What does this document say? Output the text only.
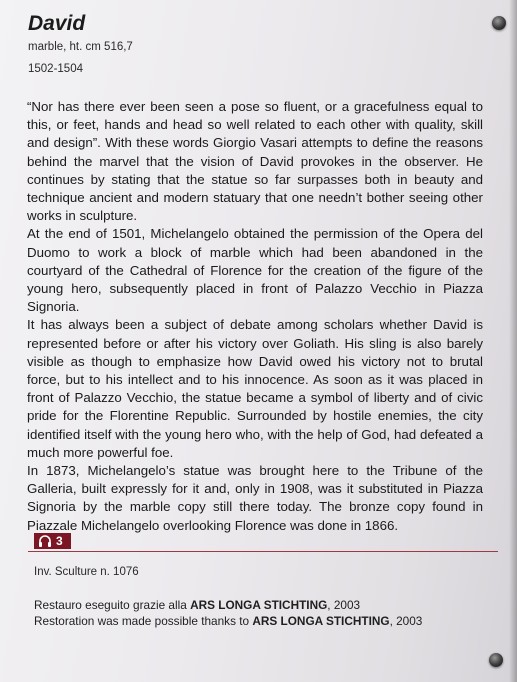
David

marble, ht. cm 516,7

1502-1504

“Nor has there ever been seen a pose so fluent, or a gracefulness equal to this, or feet, hands and head so well related to each other with quality, skill and design”. With these words Giorgio Vasari attempts to define the reasons behind the marvel that the vision of David provokes in the observer. He continues by stating that the statue so far surpasses both in beauty and technique ancient and modern statuary that one needn’t bother seeing other works in sculpture.

At the end of 1501, Michelangelo obtained the permission of the Opera del Duomo to work a block of marble which had been abandoned in the courtyard of the Cathedral of Florence for the creation of the figure of the young hero, subsequently placed in front of Palazzo Vecchio in Piazza Signoria.

It has always been a subject of debate among scholars whether David is represented before or after his victory over Goliath. His sling is also barely visible as though to emphasize how David owed his victory not to brutal force, but to his intellect and to his innocence. As soon as it was placed in front of Palazzo Vecchio, the statue became a symbol of liberty and of civic pride for the Florentine Republic. Surrounded by hostile enemies, the city identified itself with the young hero who, with the help of God, had defeated a much more powerful foe.

In 1873, Michelangelo’s statue was brought here to the Tribune of the Galleria, built expressly for it and, only in 1908, was it substituted in Piazza Signoria by the marble copy still there today. The bronze copy found in Piazzale Michelangelo overlooking Florence was done in 1866.

3

Inv. Sculture n. 1076

Restauro eseguito grazie alla ARS LONGA STICHTING, 2003
Restoration was made possible thanks to ARS LONGA STICHTING, 2003
